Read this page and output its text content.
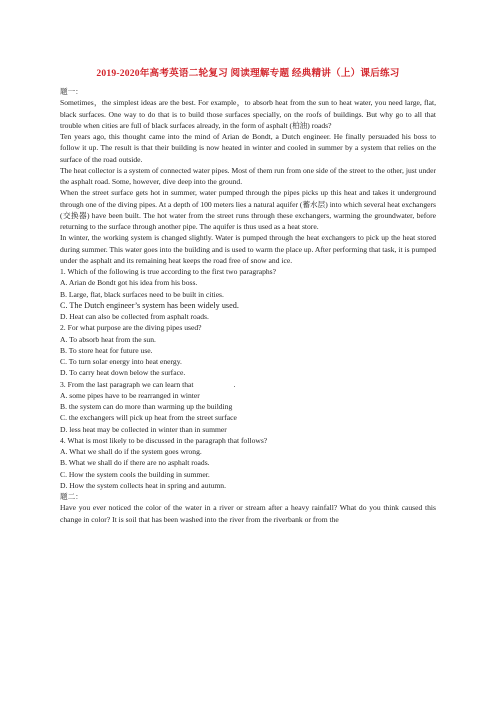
2019-2020年高考英语二轮复习 阅读理解专题 经典精讲（上）课后练习

题一：

Sometimes，the simplest ideas are the best. For example，to absorb heat from the sun to heat water, you need large, flat, black surfaces. One way to do that is to build those surfaces specially, on the roofs of buildings. But why go to all that trouble when cities are full of black surfaces already, in the form of asphalt (柏油) roads?

Ten years ago, this thought came into the mind of Arian de Bondt, a Dutch engineer. He finally persuaded his boss to follow it up. The result is that their building is now heated in winter and cooled in summer by a system that relies on the surface of the road outside.

The heat collector is a system of connected water pipes. Most of them run from one side of the street to the other, just under the asphalt road. Some, however, dive deep into the ground.

When the street surface gets hot in summer, water pumped through the pipes picks up this heat and takes it underground through one of the diving pipes. At a depth of 100 meters lies a natural aquifer (蓄水层) into which several heat exchangers (交换器) have been built. The hot water from the street runs through these exchangers, warming the groundwater, before returning to the surface through another pipe. The aquifer is thus used as a heat store.

In winter, the working system is changed slightly. Water is pumped through the heat exchangers to pick up the heat stored during summer. This water goes into the building and is used to warm the place up. After performing that task, it is pumped under the asphalt and its remaining heat keeps the road free of snow and ice.

1. Which of the following is true according to the first two paragraphs?

A. Arian de Bondt got his idea from his boss.

B. Large, flat, black surfaces need to be built in cities.

C. The Dutch engineer’s system has been widely used.

D. Heat can also be collected from asphalt roads.

2. For what purpose are the diving pipes used?

A. To absorb heat from the sun.

B. To store heat for future use.

C. To turn solar energy into heat energy.

D. To carry heat down below the surface.

3. From the last paragraph we can learn that	.

A. some pipes have to be rearranged in winter

B. the system can do more than warming up the building

C. the exchangers will pick up heat from the street surface

D. less heat may be collected in winter than in summer

4. What is most likely to be discussed in the paragraph that follows?

A. What we shall do if the system goes wrong.

B. What we shall do if there are no asphalt roads.

C. How the system cools the building in summer.

D. How the system collects heat in spring and autumn.

题二：

Have you ever noticed the color of the water in a river or stream after a heavy rainfall? What do you think caused this change in color? It is soil that has been washed into the river from the riverbank or from the
